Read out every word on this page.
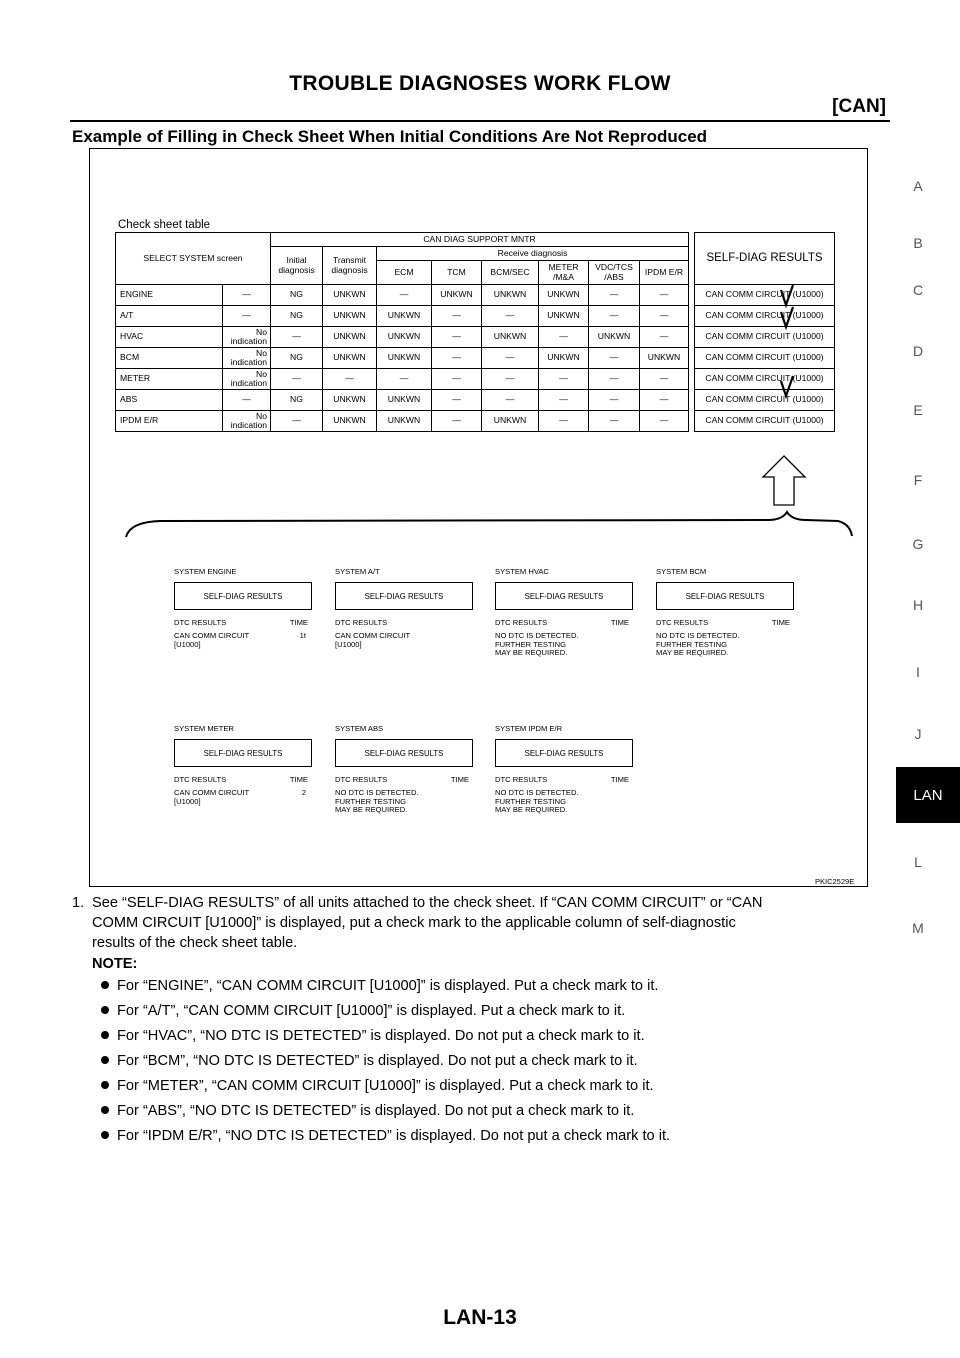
TROUBLE DIAGNOSES WORK FLOW
[CAN]
Example of Filling in Check Sheet When Initial Conditions Are Not Reproduced
A
B
C
D
E
F
G
H
I
J
LAN
L
M
Check sheet table
SELECT SYSTEM screen		CAN DIAG SUPPORT MNTR									SELF-DIAG RESULTS
		Initial diagnosis	Transmit diagnosis	Receive diagnosis							
				ECM	TCM	BCM/SEC	METER /M&A	VDC/TCS /ABS	IPDM E/R		
ENGINE	—	NG	UNKWN	—	UNKWN	UNKWN	UNKWN	—	—		CAN COMM CIRCUIT (U1000)
A/T	—	NG	UNKWN	UNKWN	—	—	UNKWN	—	—		CAN COMM CIRCUIT (U1000)
HVAC	No indication	—	UNKWN	UNKWN	—	UNKWN	—	UNKWN	—		CAN COMM CIRCUIT (U1000)
BCM	No indication	NG	UNKWN	UNKWN	—	—	UNKWN	—	UNKWN		CAN COMM CIRCUIT (U1000)
METER	No indication	—	—	—	—	—	—	—	—		CAN COMM CIRCUIT (U1000)
ABS	—	NG	UNKWN	UNKWN	—	—	—	—	—		CAN COMM CIRCUIT (U1000)
IPDM E/R	No indication	—	UNKWN	UNKWN	—	UNKWN	—	—	—		CAN COMM CIRCUIT (U1000)
SYSTEM ENGINE
SELF-DIAG RESULTS
DTC RESULTS	TIME
CAN COMM CIRCUIT
[U1000]
1t
SYSTEM A/T
SELF-DIAG RESULTS
DTC RESULTS
CAN COMM CIRCUIT
[U1000]
SYSTEM HVAC
SELF-DIAG RESULTS
DTC RESULTS	TIME
NO DTC IS DETECTED.
FURTHER TESTING
MAY BE REQUIRED.
SYSTEM BCM
SELF-DIAG RESULTS
DTC RESULTS	TIME
NO DTC IS DETECTED.
FURTHER TESTING
MAY BE REQUIRED.
SYSTEM METER
SELF-DIAG RESULTS
DTC RESULTS	TIME
CAN COMM CIRCUIT
[U1000]
2
SYSTEM ABS
SELF-DIAG RESULTS
DTC RESULTS	TIME
NO DTC IS DETECTED.
FURTHER TESTING
MAY BE REQUIRED.
SYSTEM IPDM E/R
SELF-DIAG RESULTS
DTC RESULTS	TIME
NO DTC IS DETECTED.
FURTHER TESTING
MAY BE REQUIRED.
PKIC2529E
1. See “SELF-DIAG RESULTS” of all units attached to the check sheet. If “CAN COMM CIRCUIT” or “CAN
COMM CIRCUIT [U1000]” is displayed, put a check mark to the applicable column of self-diagnostic
results of the check sheet table.
NOTE:
For “ENGINE”, “CAN COMM CIRCUIT [U1000]” is displayed. Put a check mark to it.
For “A/T”, “CAN COMM CIRCUIT [U1000]” is displayed. Put a check mark to it.
For “HVAC”, “NO DTC IS DETECTED” is displayed. Do not put a check mark to it.
For “BCM”, “NO DTC IS DETECTED” is displayed. Do not put a check mark to it.
For “METER”, “CAN COMM CIRCUIT [U1000]” is displayed. Put a check mark to it.
For “ABS”, “NO DTC IS DETECTED” is displayed. Do not put a check mark to it.
For “IPDM E/R”, “NO DTC IS DETECTED” is displayed. Do not put a check mark to it.
LAN-13
